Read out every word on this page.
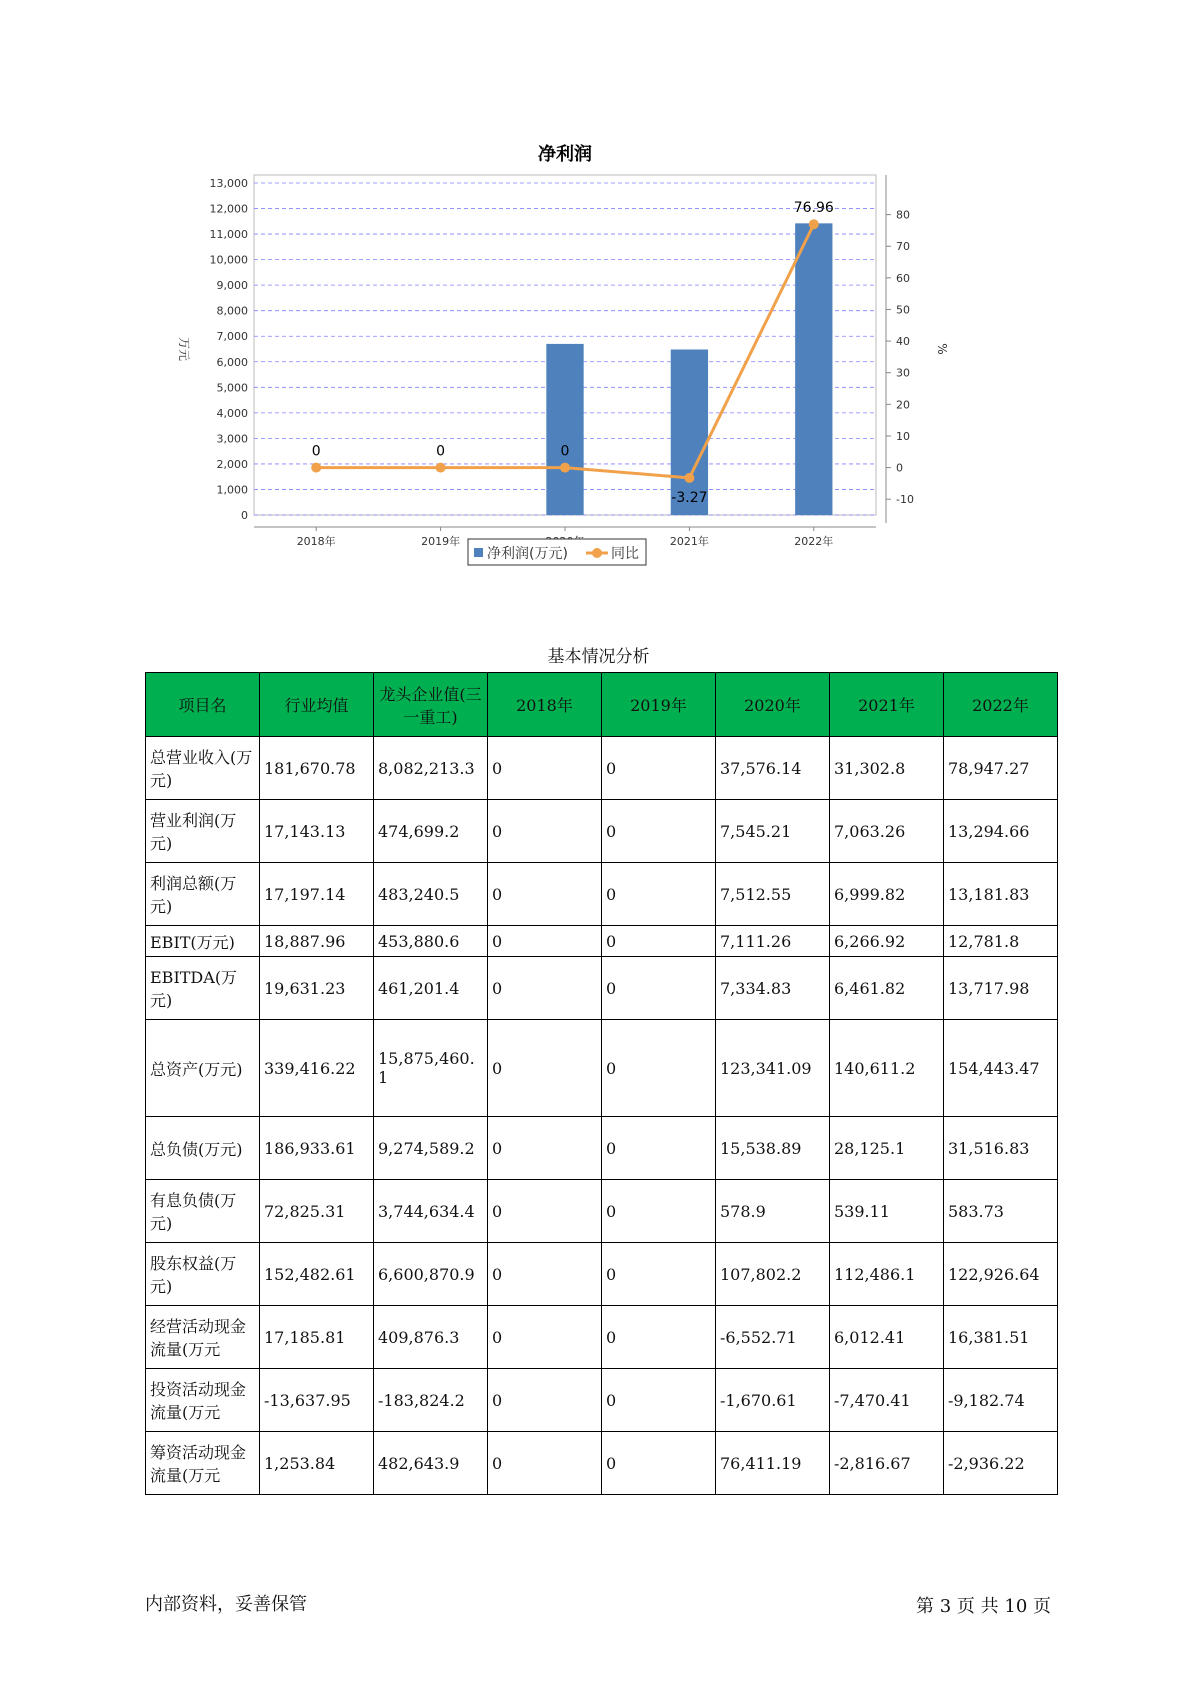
净利润
0
1,000
2,000
3,000
4,000
5,000
6,000
7,000
8,000
9,000
10,000
11,000
12,000
13,000
万元
-10
0
10
20
30
40
50
60
70
80
%
2018年	2019年	2021年	2022年
0	0	0
-3.27
76.96
净利润(万元)	同比
基本情况分析
项目名	行业均值	龙头企业值(三一重工)	2018年	2019年	2020年	2021年	2022年
总营业收入(万元)	181,670.78	8,082,213.3	0	0	37,576.14	31,302.8	78,947.27
营业利润(万元)	17,143.13	474,699.2	0	0	7,545.21	7,063.26	13,294.66
利润总额(万元)	17,197.14	483,240.5	0	0	7,512.55	6,999.82	13,181.83
EBIT(万元)	18,887.96	453,880.6	0	0	7,111.26	6,266.92	12,781.8
EBITDA(万元)	19,631.23	461,201.4	0	0	7,334.83	6,461.82	13,717.98
总资产(万元)	339,416.22	15,875,460.1	0	0	123,341.09	140,611.2	154,443.47
总负债(万元)	186,933.61	9,274,589.2	0	0	15,538.89	28,125.1	31,516.83
有息负债(万元)	72,825.31	3,744,634.4	0	0	578.9	539.11	583.73
股东权益(万元)	152,482.61	6,600,870.9	0	0	107,802.2	112,486.1	122,926.64
经营活动现金流量(万元	17,185.81	409,876.3	0	0	-6,552.71	6,012.41	16,381.51
投资活动现金流量(万元	-13,637.95	-183,824.2	0	0	-1,670.61	-7,470.41	-9,182.74
筹资活动现金流量(万元	1,253.84	482,643.9	0	0	76,411.19	-2,816.67	-2,936.22
内部资料，妥善保管	第 3 页 共 10 页
